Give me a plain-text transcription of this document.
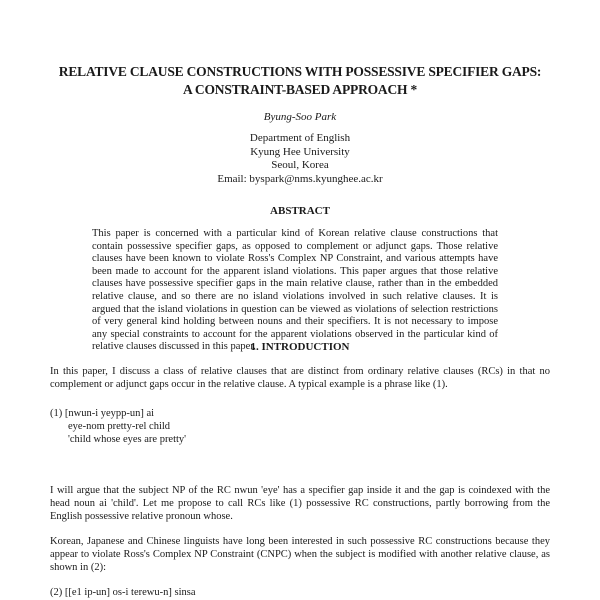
RELATIVE CLAUSE CONSTRUCTIONS WITH POSSESSIVE SPECIFIER GAPS:
A CONSTRAINT-BASED APPROACH *

Byung-Soo Park

Department of English
Kyung Hee University
Seoul, Korea
Email: byspark@nms.kyunghee.ac.kr
ABSTRACT

This paper is concerned with a particular kind of Korean relative clause constructions that contain possessive specifier gaps, as opposed to complement or adjunct gaps. Those relative clauses have been known to violate Ross's Complex NP Constraint, and various attempts have been made to account for the apparent island violations. This paper argues that those relative clauses have possessive specifier gaps in the main relative clause, rather than in the embedded relative clause, and so there are no island violations involved in such relative clauses. It is argued that the island violations in question can be viewed as violations of selection restrictions of very general kind holding between nouns and their specifiers. It is not necessary to impose any special constraints to account for the apparent violations observed in the particular kind of relative clauses discussed in this paper.

1. INTRODUCTION

In this paper, I discuss a class of relative clauses that are distinct from ordinary relative clauses (RCs) in that no complement or adjunct gaps occur in the relative clause. A typical example is a phrase like (1).

(1) [nwun-i yeypp-un] ai
eye-nom pretty-rel child
'child whose eyes are pretty'

I will argue that the subject NP of the RC nwun 'eye' has a specifier gap inside it and the gap is coindexed with the head noun ai 'child'. Let me propose to call RCs like (1) possessive RC constructions, partly borrowing from the English possessive relative pronoun whose.

Korean, Japanese and Chinese linguists have long been interested in such possessive RC constructions because they appear to violate Ross's Complex NP Constraint (CNPC) when the subject is modified with another relative clause, as shown in (2):

(2) [[e1 ip-un] os-i terewu-n] sinsa
